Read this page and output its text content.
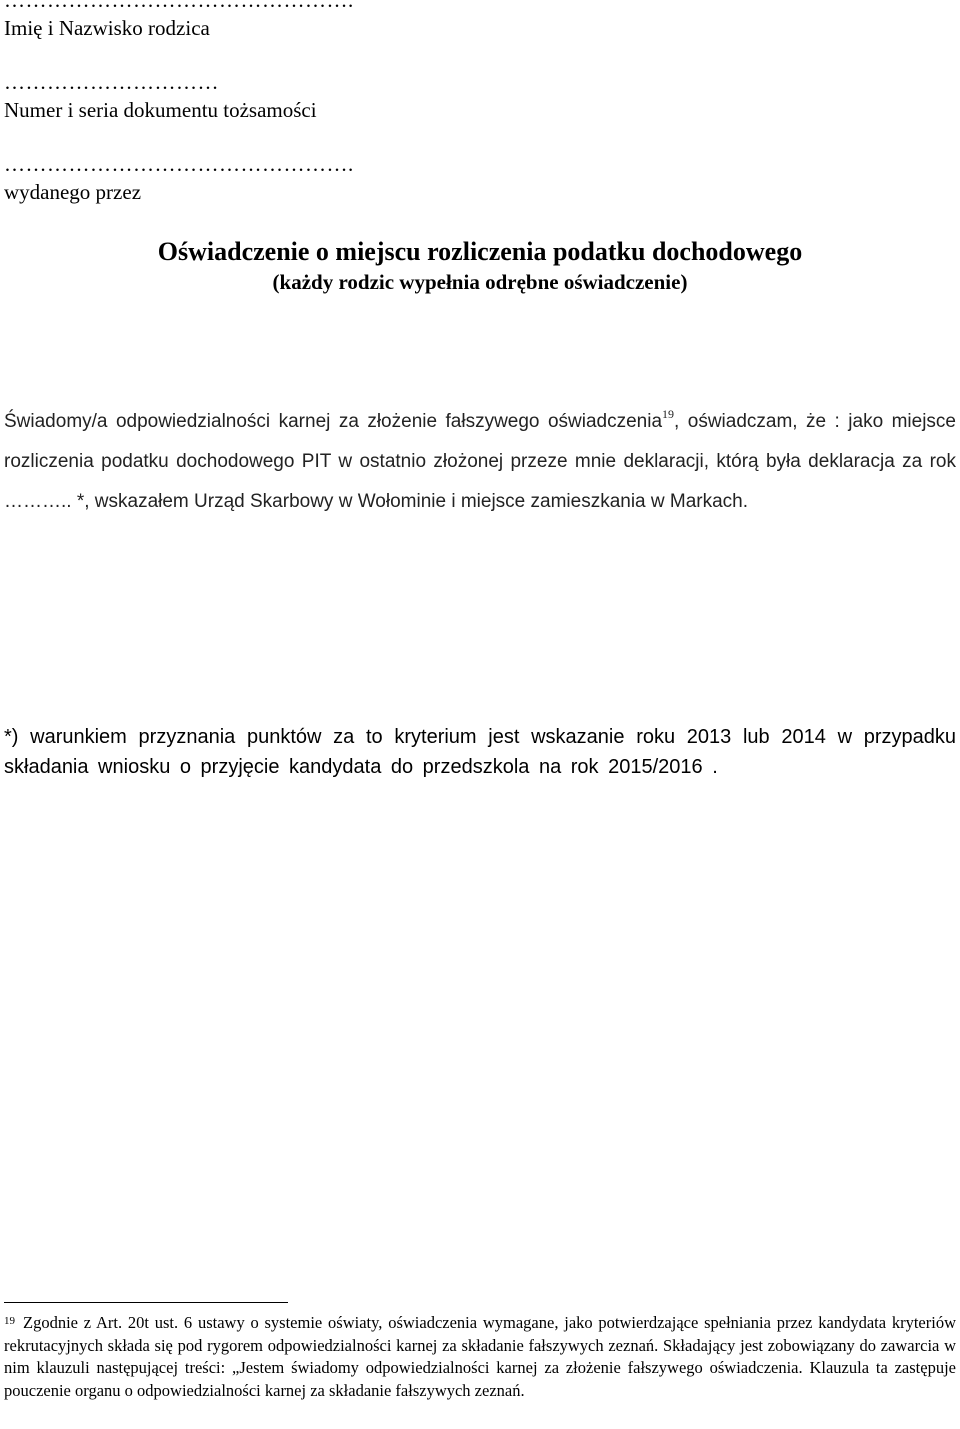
………………………………………….
Imię i Nazwisko rodzica
…………………………
Numer i seria dokumentu tożsamości
………………………………………….
wydanego przez
Oświadczenie o miejscu rozliczenia podatku dochodowego
(każdy rodzic wypełnia odrębne oświadczenie)
Świadomy/a odpowiedzialności karnej za złożenie fałszywego oświadczenia$^{19}$, oświadczam, że : jako miejsce rozliczenia podatku dochodowego PIT w ostatnio złożonej przeze mnie deklaracji, którą była deklaracja za rok ……….. *, wskazałem Urząd Skarbowy w Wołominie i miejsce zamieszkania w Markach.
*) warunkiem przyznania punktów za to kryterium jest wskazanie roku 2013 lub 2014 w przypadku składania wniosku o przyjęcie kandydata do przedszkola na rok 2015/2016 .
$^{19}$ Zgodnie z Art. 20t ust. 6 ustawy o systemie oświaty, oświadczenia wymagane, jako potwierdzające spełniania przez kandydata kryteriów rekrutacyjnych składa się pod rygorem odpowiedzialności karnej za składanie fałszywych zeznań. Składający jest zobowiązany do zawarcia w nim klauzuli następującej treści: „Jestem świadomy odpowiedzialności karnej za złożenie fałszywego oświadczenia. Klauzula ta zastępuje pouczenie organu o odpowiedzialności karnej za składanie fałszywych zeznań.
